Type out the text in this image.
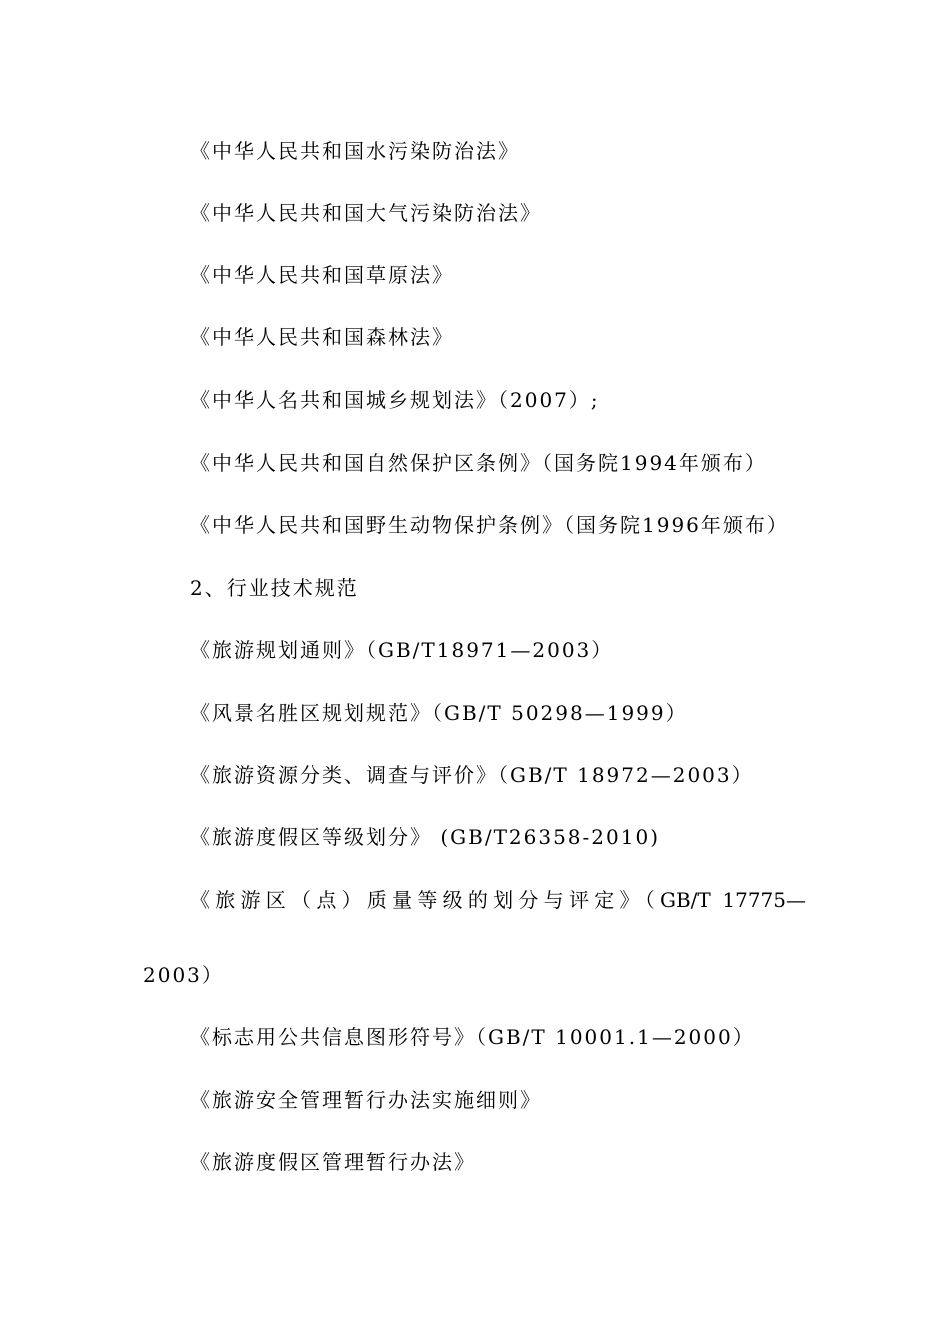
《中华人民共和国水污染防治法》
《中华人民共和国大气污染防治法》
《中华人民共和国草原法》
《中华人民共和国森林法》
《中华人名共和国城乡规划法》（2007）;
《中华人民共和国自然保护区条例》（国务院1994年颁布）
《中华人民共和国野生动物保护条例》（国务院1996年颁布）
2、行业技术规范
《旅游规划通则》（GB/T18971—2003）
《风景名胜区规划规范》（GB/T 50298—1999）
《旅游资源分类、调查与评价》（GB/T 18972—2003）
《旅游度假区等级划分》 (GB/T26358-2010)
《旅游区（点）质量等级的划分与评定》（GB/T 17775—
2003）
《标志用公共信息图形符号》（GB/T 10001.1—2000）
《旅游安全管理暂行办法实施细则》
《旅游度假区管理暂行办法》
